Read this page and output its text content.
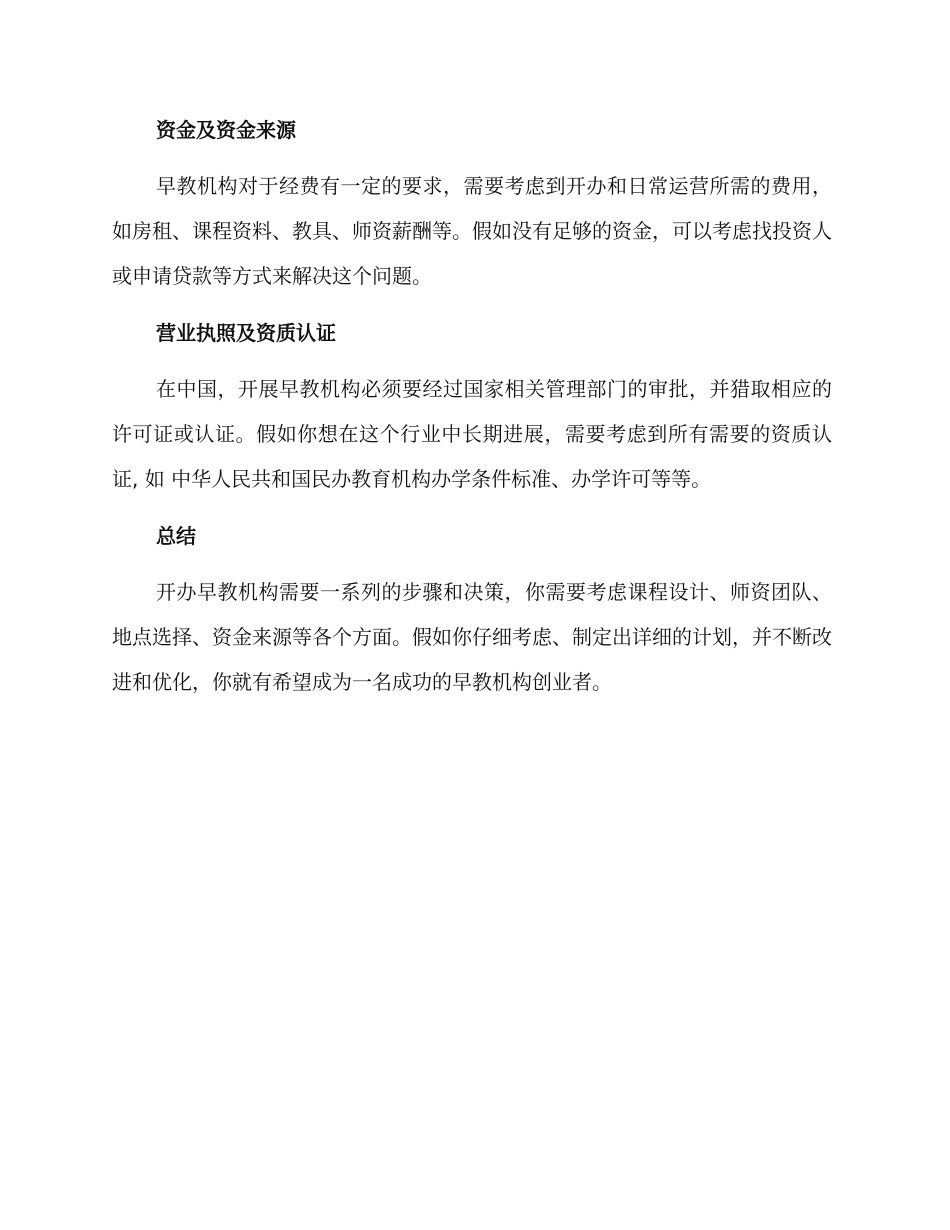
资金及资金来源

早教机构对于经费有一定的要求，需要考虑到开办和日常运营所需的费用，如房租、课程资料、教具、师资薪酬等。假如没有足够的资金，可以考虑找投资人或申请贷款等方式来解决这个问题。

营业执照及资质认证

在中国，开展早教机构必须要经过国家相关管理部门的审批，并猎取相应的许可证或认证。假如你想在这个行业中长期进展，需要考虑到所有需要的资质认证, 如 中华人民共和国民办教育机构办学条件标准、办学许可等等。

总结

开办早教机构需要一系列的步骤和决策，你需要考虑课程设计、师资团队、地点选择、资金来源等各个方面。假如你仔细考虑、制定出详细的计划，并不断改进和优化，你就有希望成为一名成功的早教机构创业者。
